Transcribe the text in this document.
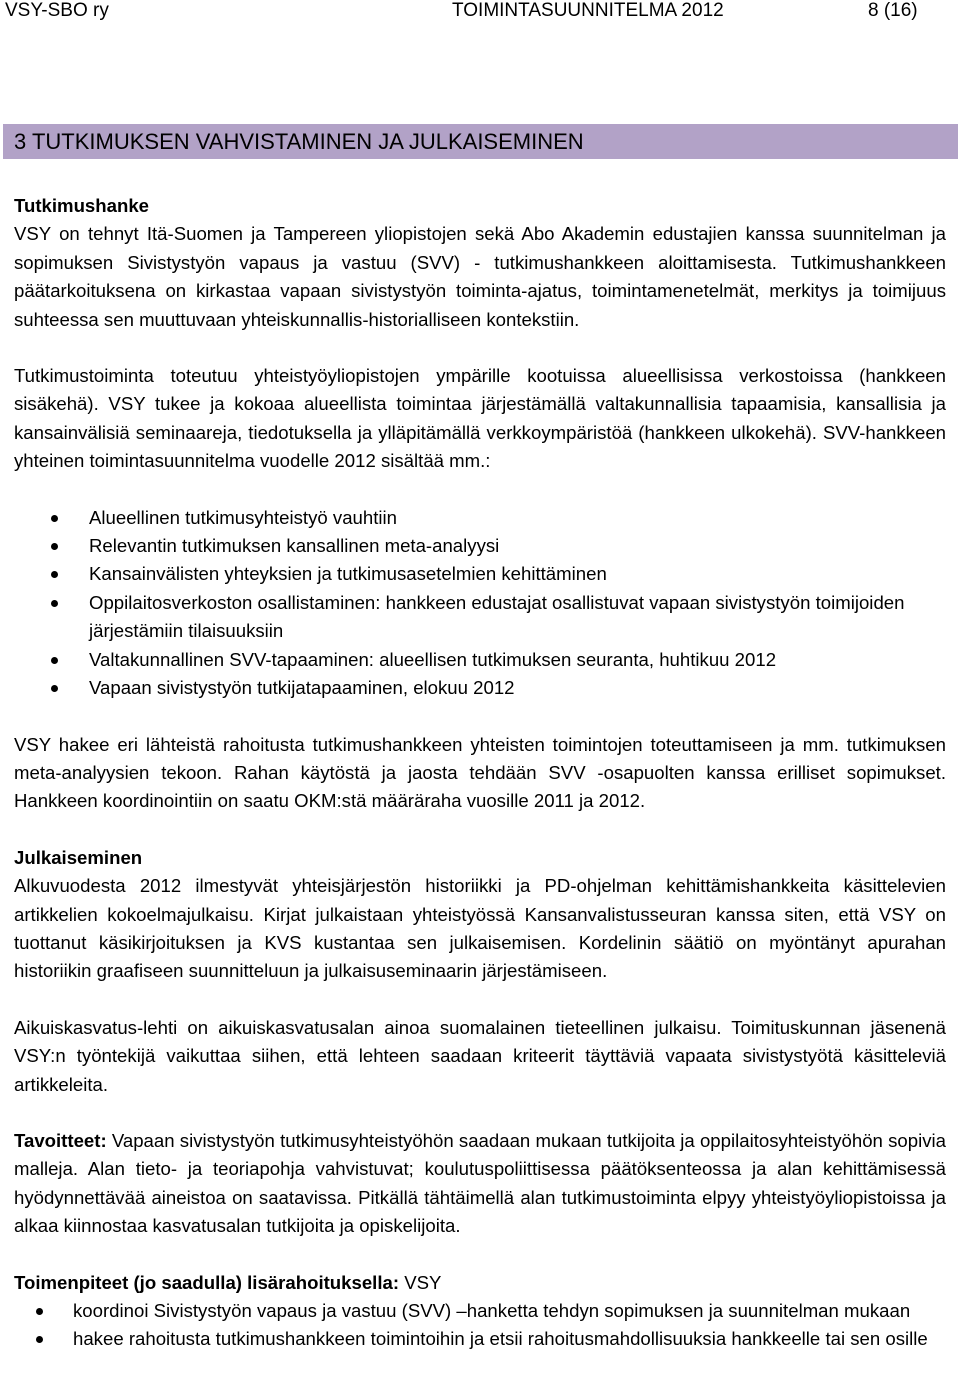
VSY-SBO ry	TOIMINTASUUNNITELMA 2012	8 (16)
3 TUTKIMUKSEN VAHVISTAMINEN JA JULKAISEMINEN

Tutkimushanke

VSY on tehnyt Itä-Suomen ja Tampereen yliopistojen sekä Abo Akademin edustajien kanssa suunnitelman ja sopimuksen Sivistystyön vapaus ja vastuu (SVV) - tutkimushankkeen aloittamisesta. Tutkimushankkeen päätarkoituksena on kirkastaa vapaan sivistystyön toiminta-ajatus, toimintamenetelmät, merkitys ja toimijuus suhteessa sen muuttuvaan yhteiskunnallis-historialliseen kontekstiin.

Tutkimustoiminta toteutuu yhteistyöyliopistojen ympärille kootuissa alueellisissa verkostoissa (hankkeen sisäkehä). VSY tukee ja kokoaa alueellista toimintaa järjestämällä valtakunnallisia tapaamisia, kansallisia ja kansainvälisiä seminaareja, tiedotuksella ja ylläpitämällä verkkoympäristöä (hankkeen ulkokehä). SVV-hankkeen yhteinen toimintasuunnitelma vuodelle 2012 sisältää mm.:

Alueellinen tutkimusyhteistyö vauhtiin
Relevantin tutkimuksen kansallinen meta-analyysi
Kansainvälisten yhteyksien ja tutkimusasetelmien kehittäminen
Oppilaitosverkoston osallistaminen: hankkeen edustajat osallistuvat vapaan sivistystyön toimijoiden järjestämiin tilaisuuksiin
Valtakunnallinen SVV-tapaaminen: alueellisen tutkimuksen seuranta, huhtikuu 2012
Vapaan sivistystyön tutkijatapaaminen, elokuu 2012

VSY hakee eri lähteistä rahoitusta tutkimushankkeen yhteisten toimintojen toteuttamiseen ja mm. tutkimuksen meta-analyysien tekoon. Rahan käytöstä ja jaosta tehdään SVV -osapuolten kanssa erilliset sopimukset. Hankkeen koordinointiin on saatu OKM:stä määräraha vuosille 2011 ja 2012.

Julkaiseminen

Alkuvuodesta 2012 ilmestyvät yhteisjärjestön historiikki ja PD-ohjelman kehittämishankkeita käsittelevien artikkelien kokoelmajulkaisu. Kirjat julkaistaan yhteistyössä Kansanvalistusseuran kanssa siten, että VSY on tuottanut käsikirjoituksen ja KVS kustantaa sen julkaisemisen. Kordelinin säätiö on myöntänyt apurahan historiikin graafiseen suunnitteluun ja julkaisuseminaarin järjestämiseen.

Aikuiskasvatus-lehti on aikuiskasvatusalan ainoa suomalainen tieteellinen julkaisu. Toimituskunnan jäsenenä VSY:n työntekijä vaikuttaa siihen, että lehteen saadaan kriteerit täyttäviä vapaata sivistystyötä käsitteleviä artikkeleita.

Tavoitteet: Vapaan sivistystyön tutkimusyhteistyöhön saadaan mukaan tutkijoita ja oppilaitosyhteistyöhön sopivia malleja. Alan tieto- ja teoriapohja vahvistuvat; koulutuspoliittisessa päätöksenteossa ja alan kehittämisessä hyödynnettävää aineistoa on saatavissa. Pitkällä tähtäimellä alan tutkimustoiminta elpyy yhteistyöyliopistoissa ja alkaa kiinnostaa kasvatusalan tutkijoita ja opiskelijoita.

Toimenpiteet (jo saadulla) lisärahoituksella: VSY

koordinoi Sivistystyön vapaus ja vastuu (SVV) –hanketta tehdyn sopimuksen ja suunnitelman mukaan
hakee rahoitusta tutkimushankkeen toimintoihin ja etsii rahoitusmahdollisuuksia hankkeelle tai sen osille
